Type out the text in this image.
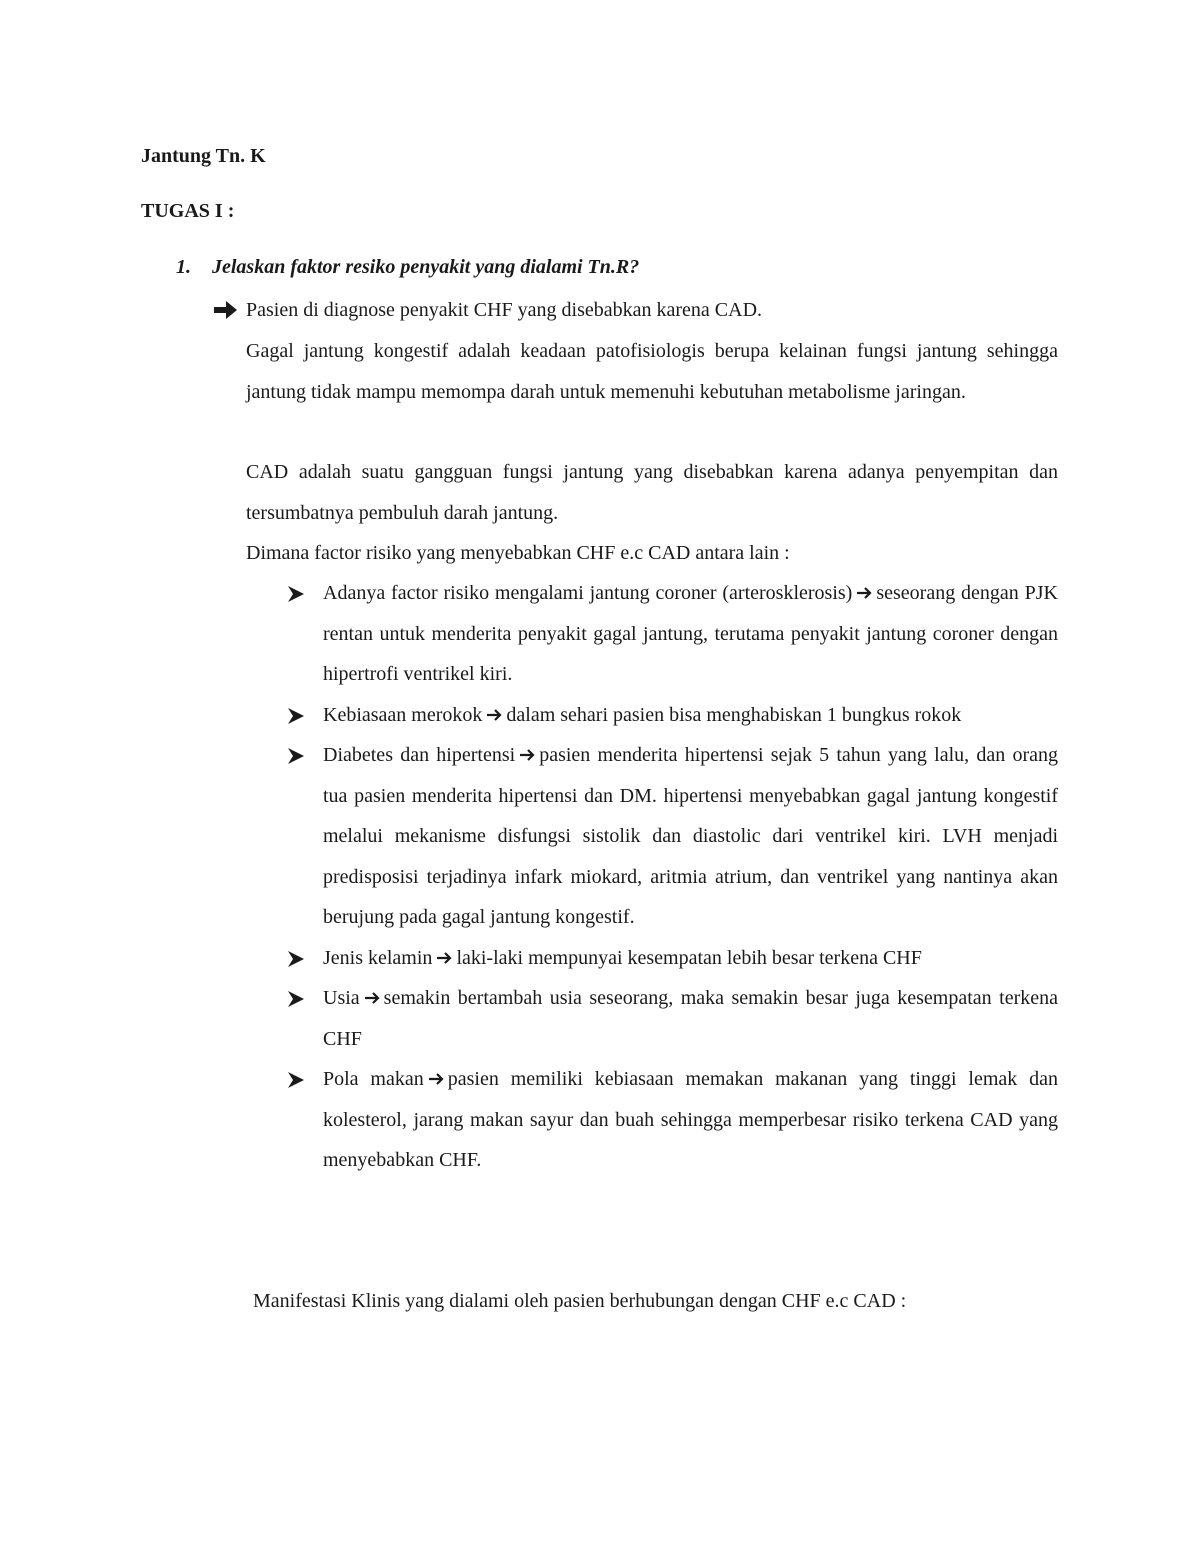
Jantung Tn. K
TUGAS I :
1. Jelaskan faktor resiko penyakit yang dialami Tn.R?
Pasien di diagnose penyakit CHF yang disebabkan karena CAD.
Gagal jantung kongestif adalah keadaan patofisiologis berupa kelainan fungsi jantung sehingga jantung tidak mampu memompa darah untuk memenuhi kebutuhan metabolisme jaringan.
CAD adalah suatu gangguan fungsi jantung yang disebabkan karena adanya penyempitan dan tersumbatnya pembuluh darah jantung.
Dimana factor risiko yang menyebabkan CHF e.c CAD antara lain :
Adanya factor risiko mengalami jantung coroner (arterosklerosis) seseorang dengan PJK rentan untuk menderita penyakit gagal jantung, terutama penyakit jantung coroner dengan hipertrofi ventrikel kiri.
Kebiasaan merokok dalam sehari pasien bisa menghabiskan 1 bungkus rokok
Diabetes dan hipertensi pasien menderita hipertensi sejak 5 tahun yang lalu, dan orang tua pasien menderita hipertensi dan DM. hipertensi menyebabkan gagal jantung kongestif melalui mekanisme disfungsi sistolik dan diastolic dari ventrikel kiri. LVH menjadi predisposisi terjadinya infark miokard, aritmia atrium, dan ventrikel yang nantinya akan berujung pada gagal jantung kongestif.
Jenis kelamin laki-laki mempunyai kesempatan lebih besar terkena CHF
Usia semakin bertambah usia seseorang, maka semakin besar juga kesempatan terkena CHF
Pola makan pasien memiliki kebiasaan memakan makanan yang tinggi lemak dan kolesterol, jarang makan sayur dan buah sehingga memperbesar risiko terkena CAD yang menyebabkan CHF.
Manifestasi Klinis yang dialami oleh pasien berhubungan dengan CHF e.c CAD :
